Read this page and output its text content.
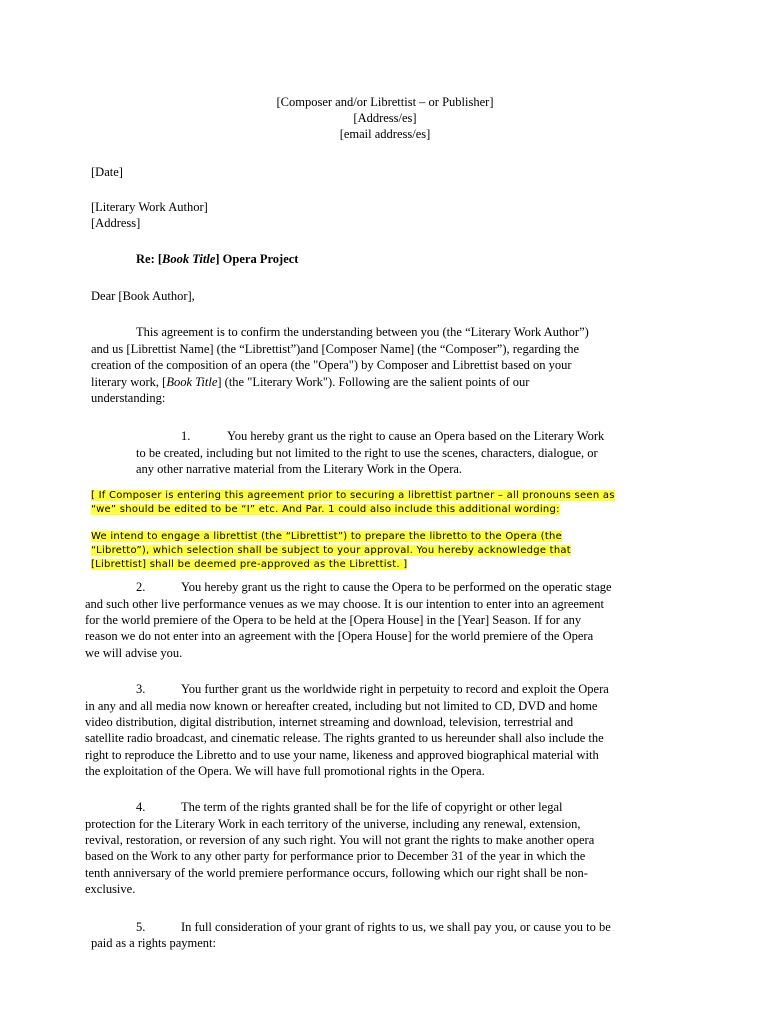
[Composer and/or Librettist – or Publisher]
[Address/es]
[email address/es]
[Date]
[Literary Work Author]
[Address]
Re: [Book Title] Opera Project
Dear [Book Author],
This agreement is to confirm the understanding between you (the “Literary Work Author”)
and us [Librettist Name] (the “Librettist”)and [Composer Name] (the “Composer”), regarding the
creation of the composition of an opera (the "Opera") by Composer and Librettist based on your
literary work, [Book Title] (the "Literary Work"). Following are the salient points of our
understanding:
1.	You hereby grant us the right to cause an Opera based on the Literary Work
to be created, including but not limited to the right to use the scenes, characters, dialogue, or
any other narrative material from the Literary Work in the Opera.
[ If Composer is entering this agreement prior to securing a librettist partner – all pronouns seen as
“we” should be edited to be “I” etc. And Par. 1 could also include this additional wording:
We intend to engage a librettist (the “Librettist”) to prepare the libretto to the Opera (the
“Libretto”), which selection shall be subject to your approval. You hereby acknowledge that
[Librettist] shall be deemed pre-approved as the Librettist. ]
2.	You hereby grant us the right to cause the Opera to be performed on the operatic stage
and such other live performance venues as we may choose. It is our intention to enter into an agreement
for the world premiere of the Opera to be held at the [Opera House] in the [Year] Season. If for any
reason we do not enter into an agreement with the [Opera House] for the world premiere of the Opera
we will advise you.
3.	You further grant us the worldwide right in perpetuity to record and exploit the Opera
in any and all media now known or hereafter created, including but not limited to CD, DVD and home
video distribution, digital distribution, internet streaming and download, television, terrestrial and
satellite radio broadcast, and cinematic release. The rights granted to us hereunder shall also include the
right to reproduce the Libretto and to use your name, likeness and approved biographical material with
the exploitation of the Opera. We will have full promotional rights in the Opera.
4.	The term of the rights granted shall be for the life of copyright or other legal
protection for the Literary Work in each territory of the universe, including any renewal, extension,
revival, restoration, or reversion of any such right. You will not grant the rights to make another opera
based on the Work to any other party for performance prior to December 31 of the year in which the
tenth anniversary of the world premiere performance occurs, following which our right shall be non-
exclusive.
5.	In full consideration of your grant of rights to us, we shall pay you, or cause you to be
paid as a rights payment:
